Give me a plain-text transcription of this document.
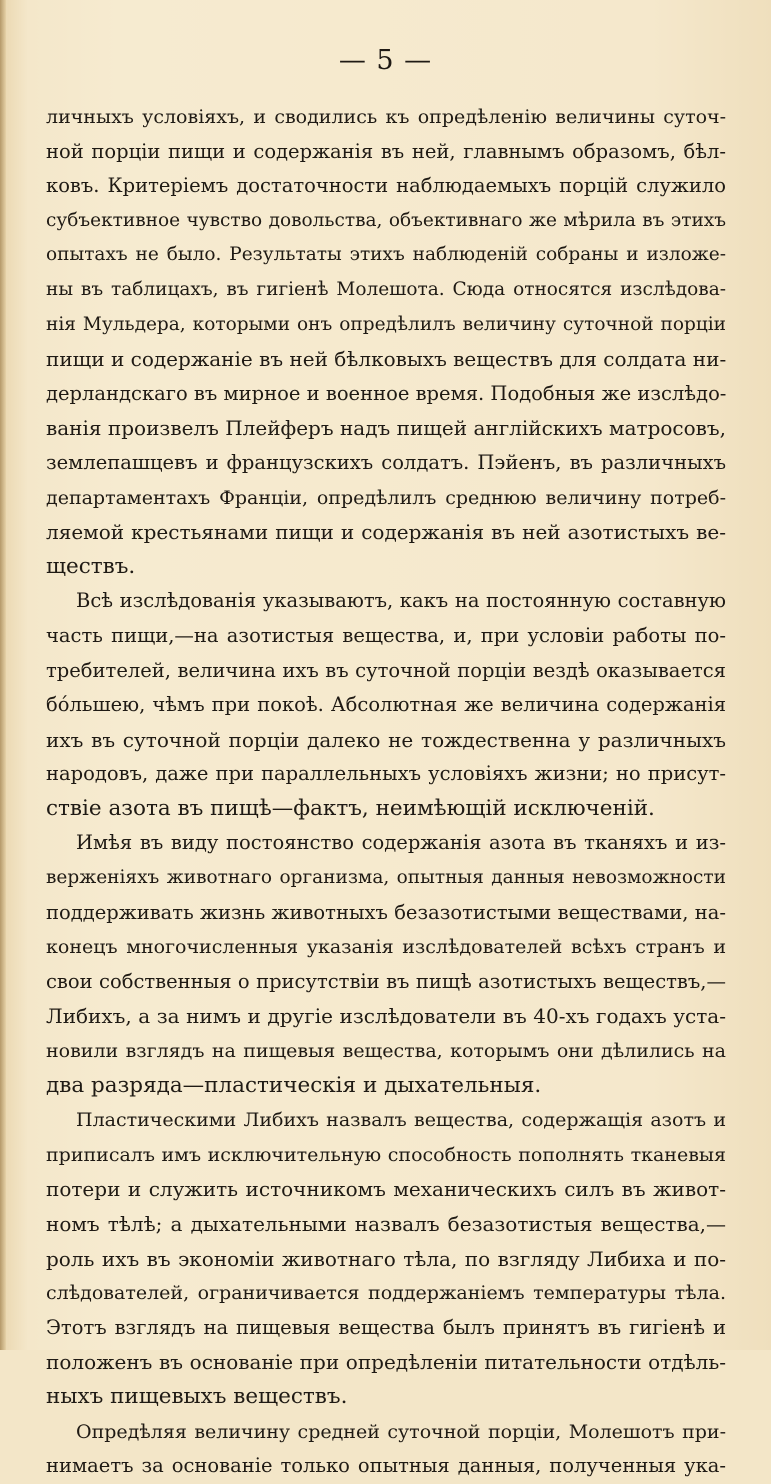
— 5 —
личныхъ условіяхъ, и сводились къ опредѣленію величины суточ-
ной порціи пищи и содержанія въ ней, главнымъ образомъ, бѣл-
ковъ. Критеріемъ достаточности наблюдаемыхъ порцій служило
субъективное чувство довольства, объективнаго же мѣрила въ этихъ
опытахъ не было. Результаты этихъ наблюденій собраны и изложе-
ны въ таблицахъ, въ гигіенѣ Молешота. Сюда относятся изслѣдова-
нія Мульдера, которыми онъ опредѣлилъ величину суточной порціи
пищи и содержаніе въ ней бѣлковыхъ веществъ для солдата ни-
дерландскаго въ мирное и военное время. Подобныя же изслѣдо-
ванія произвелъ Плейферъ надъ пищей англійскихъ матросовъ,
землепашцевъ и французскихъ солдатъ. Пэйенъ, въ различныхъ
департаментахъ Франціи, опредѣлилъ среднюю величину потреб-
ляемой крестьянами пищи и содержанія въ ней азотистыхъ ве-
ществъ.
Всѣ изслѣдованія указываютъ, какъ на постоянную составную
часть пищи,—на азотистыя вещества, и, при условіи работы по-
требителей, величина ихъ въ суточной порціи вездѣ оказывается
бóльшею, чѣмъ при покоѣ. Абсолютная же величина содержанія
ихъ въ суточной порціи далеко не тождественна у различныхъ
народовъ, даже при параллельныхъ условіяхъ жизни; но присут-
ствіе азота въ пищѣ—фактъ, неимѣющій исключеній.
Имѣя въ виду постоянство содержанія азота въ тканяхъ и из-
верженіяхъ животнаго организма, опытныя данныя невозможности
поддерживать жизнь животныхъ безазотистыми веществами, на-
конецъ многочисленныя указанія изслѣдователей всѣхъ странъ и
свои собственныя о присутствіи въ пищѣ азотистыхъ веществъ,—
Либихъ, а за нимъ и другіе изслѣдователи въ 40-хъ годахъ уста-
новили взглядъ на пищевыя вещества, которымъ они дѣлились на
два разряда—пластическія и дыхательныя.
Пластическими Либихъ назвалъ вещества, содержащія азотъ и
приписалъ имъ исключительную способность пополнять тканевыя
потери и служить источникомъ механическихъ силъ въ живот-
номъ тѣлѣ; а дыхательными назвалъ безазотистыя вещества,—
роль ихъ въ экономіи животнаго тѣла, по взгляду Либиха и по-
слѣдователей, ограничивается поддержаніемъ температуры тѣла.
Этотъ взглядъ на пищевыя вещества былъ принятъ въ гигіенѣ и
положенъ въ основаніе при опредѣленіи питательности отдѣль-
ныхъ пищевыхъ веществъ.
Опредѣляя величину средней суточной порціи, Молешотъ при-
нимаетъ за основаніе только опытныя данныя, полученныя ука-
